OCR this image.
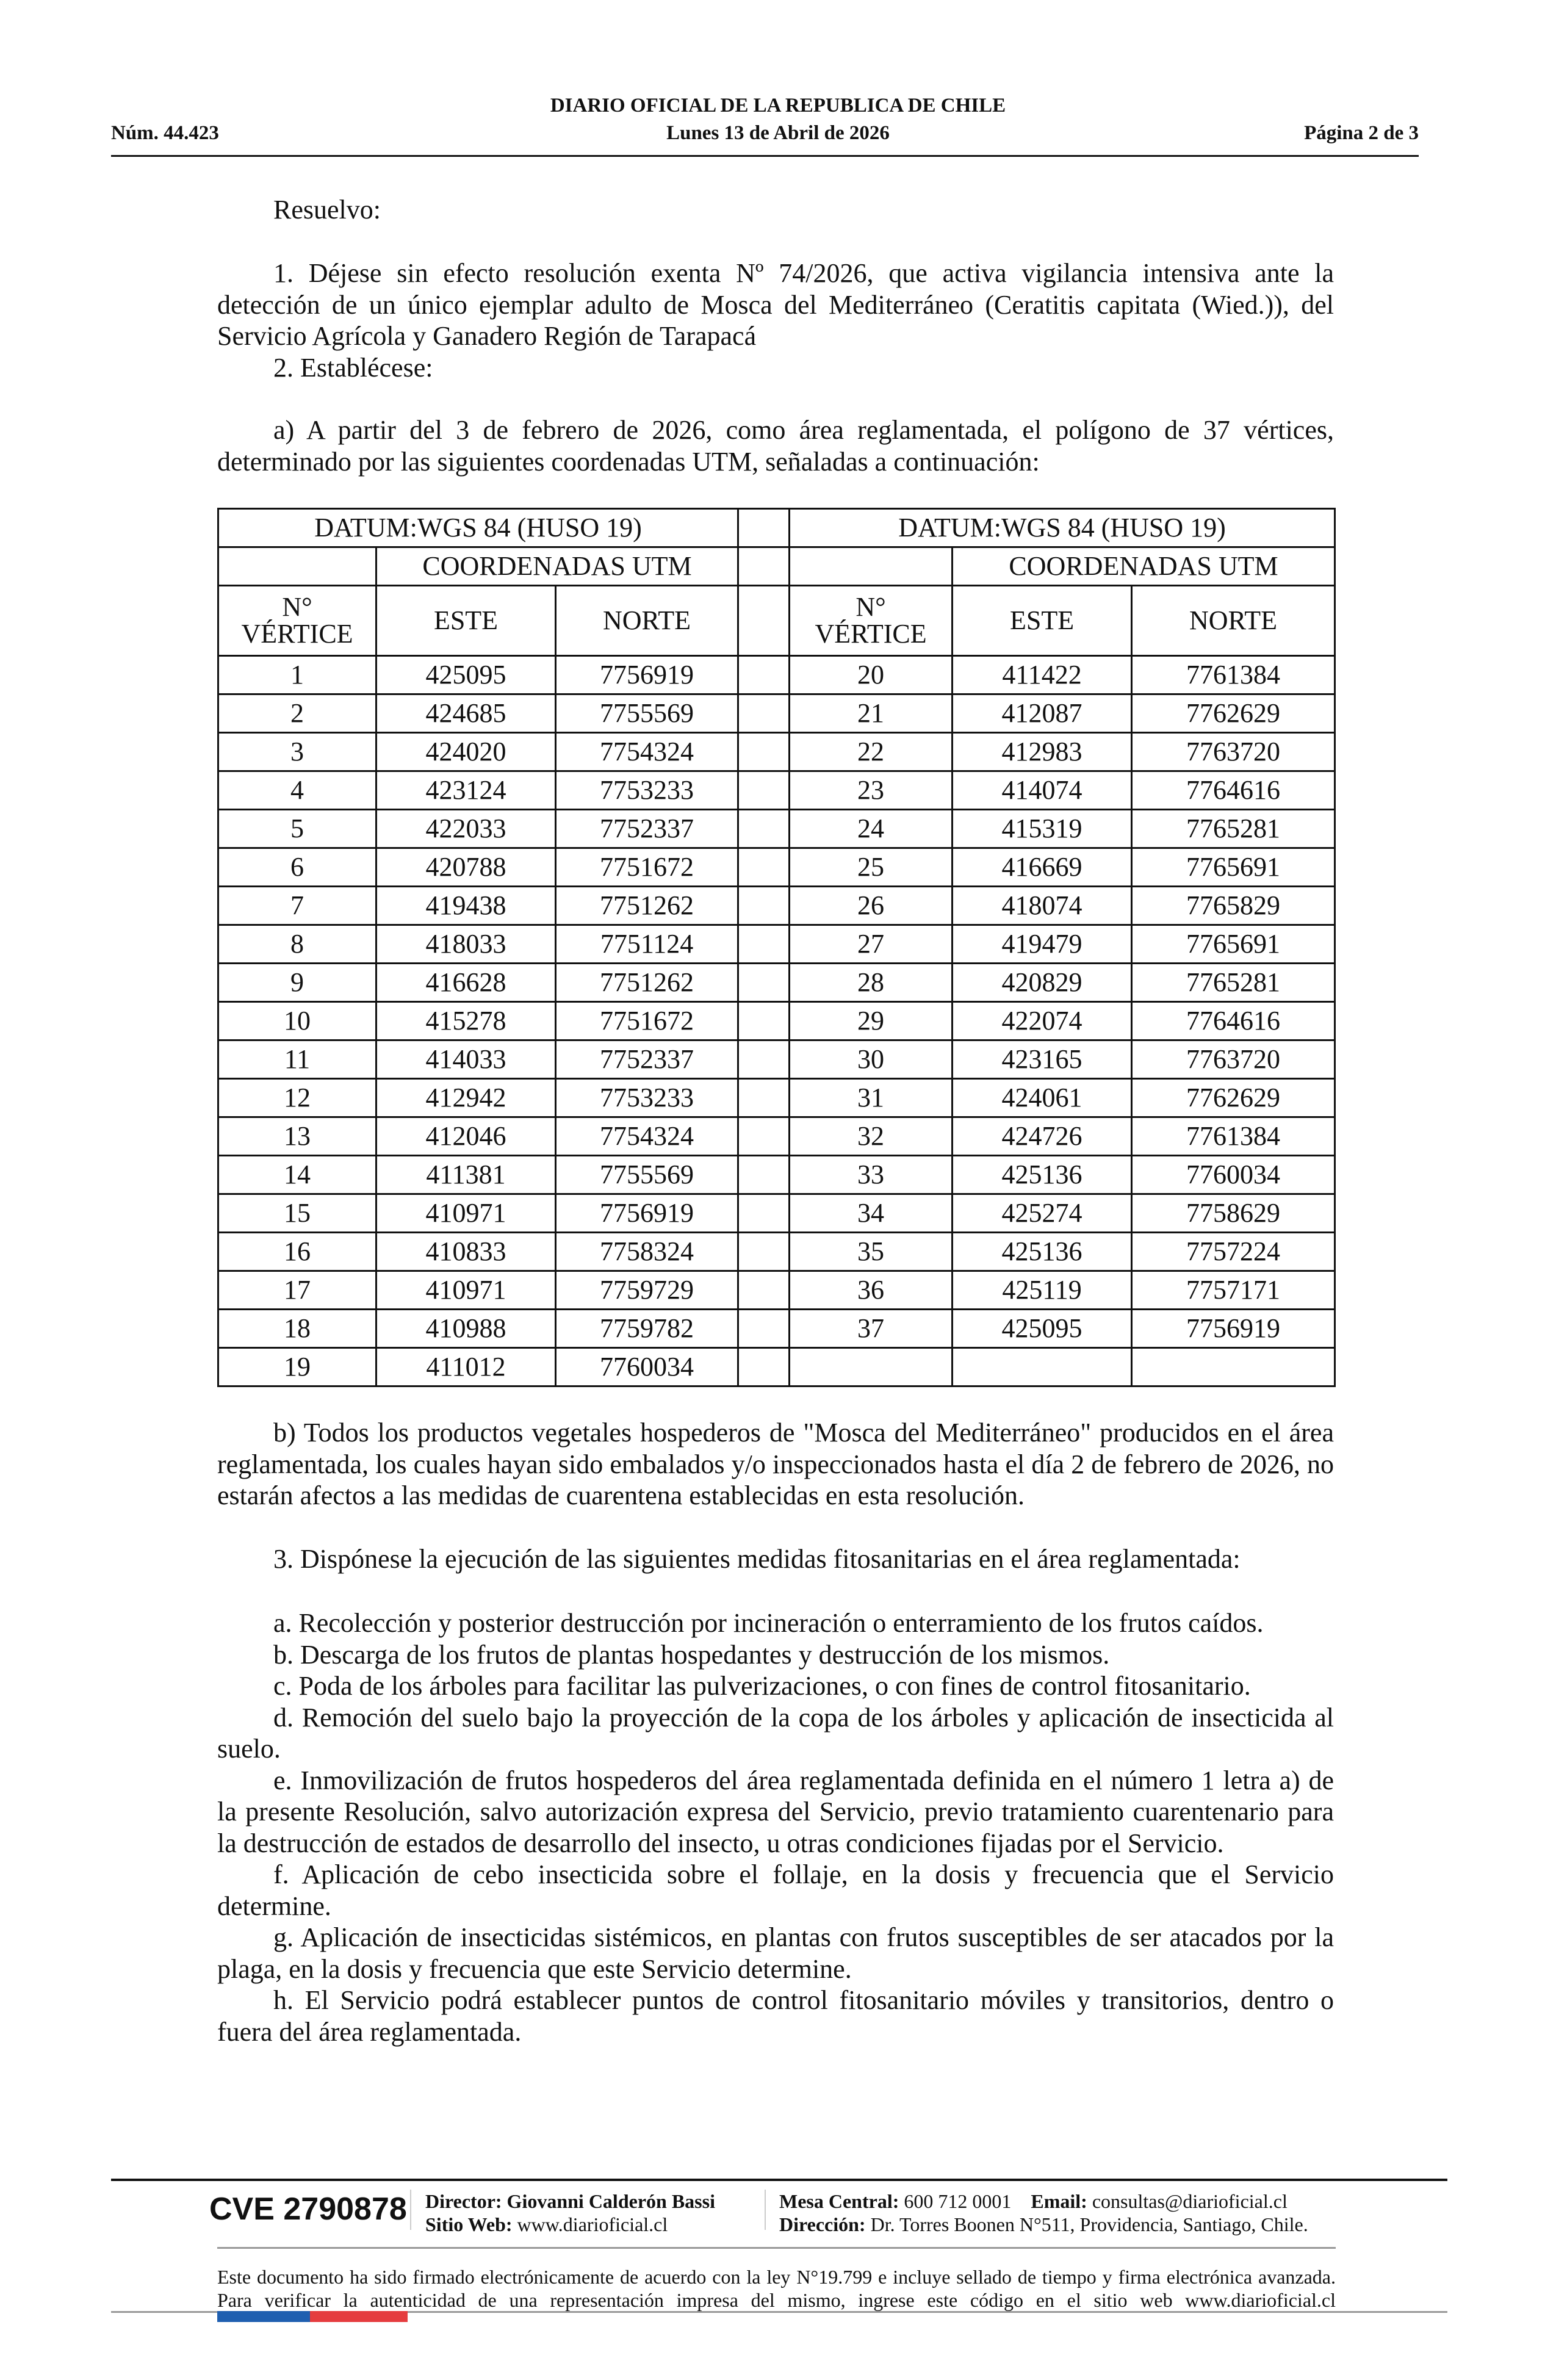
DIARIO OFICIAL DE LA REPUBLICA DE CHILE
Núm. 44.423	Lunes 13 de Abril de 2026	Página 2 de 3
Resuelvo:
1. Déjese sin efecto resolución exenta Nº 74/2026, que activa vigilancia intensiva ante la detección de un único ejemplar adulto de Mosca del Mediterráneo (Ceratitis capitata (Wied.)), del Servicio Agrícola y Ganadero Región de Tarapacá
2. Establécese:
a) A partir del 3 de febrero de 2026, como área reglamentada, el polígono de 37 vértices, determinado por las siguientes coordenadas UTM, señaladas a continuación:
DATUM:WGS 84 (HUSO 19)				DATUM:WGS 84 (HUSO 19)		
	COORDENADAS UTM				COORDENADAS UTM	
N°
VÉRTICE	ESTE	NORTE		N°
VÉRTICE	ESTE	NORTE
1	425095	7756919		20	411422	7761384
2	424685	7755569		21	412087	7762629
3	424020	7754324		22	412983	7763720
4	423124	7753233		23	414074	7764616
5	422033	7752337		24	415319	7765281
6	420788	7751672		25	416669	7765691
7	419438	7751262		26	418074	7765829
8	418033	7751124		27	419479	7765691
9	416628	7751262		28	420829	7765281
10	415278	7751672		29	422074	7764616
11	414033	7752337		30	423165	7763720
12	412942	7753233		31	424061	7762629
13	412046	7754324		32	424726	7761384
14	411381	7755569		33	425136	7760034
15	410971	7756919		34	425274	7758629
16	410833	7758324		35	425136	7757224
17	410971	7759729		36	425119	7757171
18	410988	7759782		37	425095	7756919
19	411012	7760034				
b) Todos los productos vegetales hospederos de "Mosca del Mediterráneo" producidos en el área reglamentada, los cuales hayan sido embalados y/o inspeccionados hasta el día 2 de febrero de 2026, no estarán afectos a las medidas de cuarentena establecidas en esta resolución.
3. Dispónese la ejecución de las siguientes medidas fitosanitarias en el área reglamentada:
a. Recolección y posterior destrucción por incineración o enterramiento de los frutos caídos.
b. Descarga de los frutos de plantas hospedantes y destrucción de los mismos.
c. Poda de los árboles para facilitar las pulverizaciones, o con fines de control fitosanitario.
d. Remoción del suelo bajo la proyección de la copa de los árboles y aplicación de insecticida al suelo.
e. Inmovilización de frutos hospederos del área reglamentada definida en el número 1 letra a) de la presente Resolución, salvo autorización expresa del Servicio, previo tratamiento cuarentenario para la destrucción de estados de desarrollo del insecto, u otras condiciones fijadas por el Servicio.
f. Aplicación de cebo insecticida sobre el follaje, en la dosis y frecuencia que el Servicio determine.
g. Aplicación de insecticidas sistémicos, en plantas con frutos susceptibles de ser atacados por la plaga, en la dosis y frecuencia que este Servicio determine.
h. El Servicio podrá establecer puntos de control fitosanitario móviles y transitorios, dentro o fuera del área reglamentada.
CVE 2790878 Director: Giovanni Calderón Bassi
Sitio Web: www.diarioficial.cl
Mesa Central: 600 712 0001 Email: consultas@diarioficial.cl
Dirección: Dr. Torres Boonen N°511, Providencia, Santiago, Chile.
Este documento ha sido firmado electrónicamente de acuerdo con la ley N°19.799 e incluye sellado de tiempo y firma electrónica avanzada. Para verificar la autenticidad de una representación impresa del mismo, ingrese este código en el sitio web www.diarioficial.cl
